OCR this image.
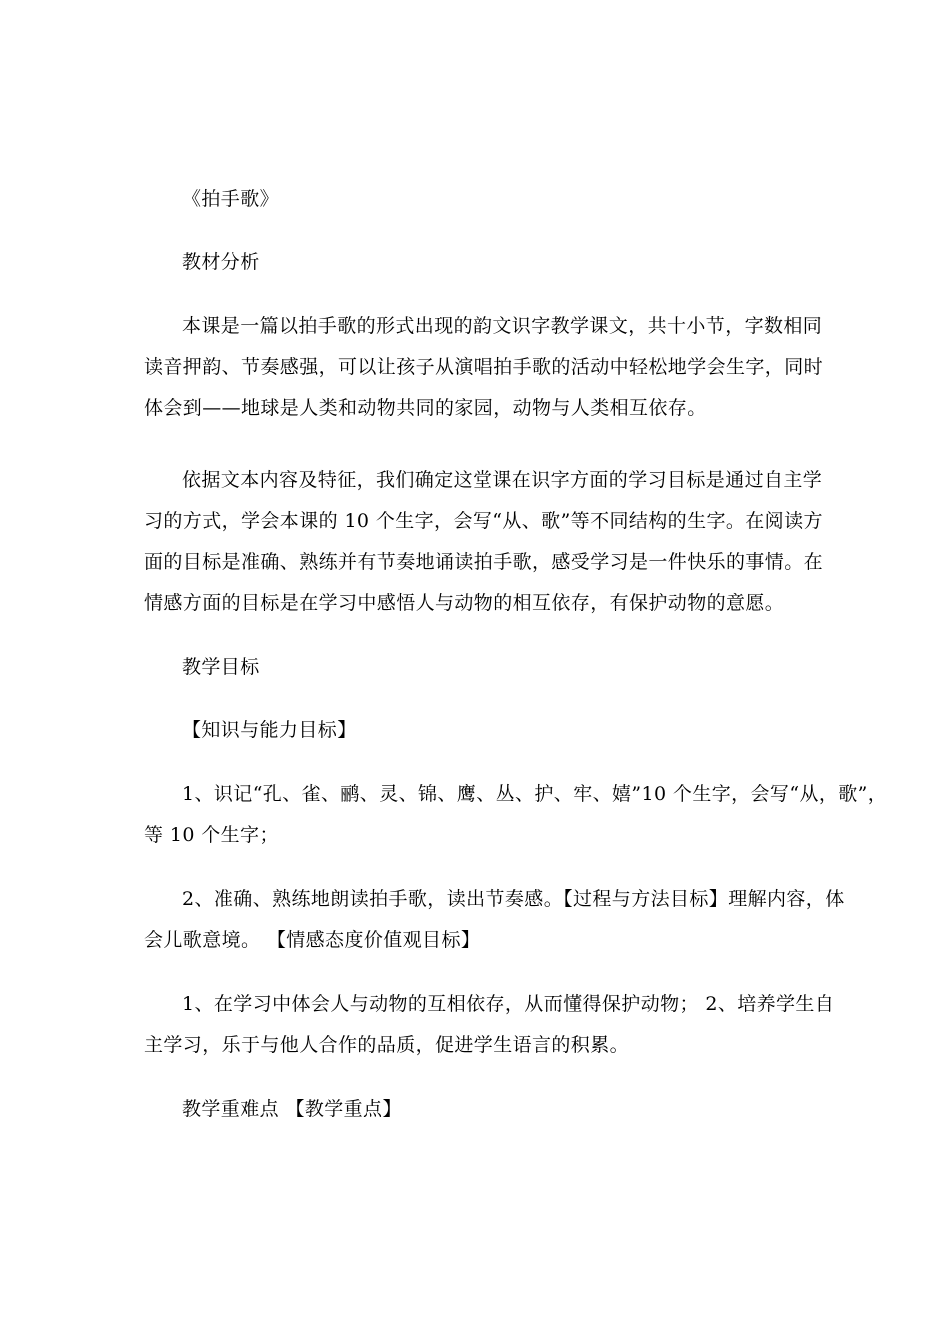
《拍手歌》
教材分析
本课是一篇以拍手歌的形式出现的韵文识字教学课文，共十小节，字数相同
读音押韵、节奏感强，可以让孩子从演唱拍手歌的活动中轻松地学会生字，同时
体会到——地球是人类和动物共同的家园，动物与人类相互依存。
依据文本内容及特征，我们确定这堂课在识字方面的学习目标是通过自主学
习的方式，学会本课的 10 个生字，会写“从、歌”等不同结构的生字。在阅读方
面的目标是准确、熟练并有节奏地诵读拍手歌，感受学习是一件快乐的事情。在
情感方面的目标是在学习中感悟人与动物的相互依存，有保护动物的意愿。
教学目标
【知识与能力目标】
1、识记“孔、雀、鹂、灵、锦、鹰、丛、护、牢、嬉”10 个生字，会写“从，歌”，
等 10 个生字；
2、准确、熟练地朗读拍手歌，读出节奏感。【过程与方法目标】理解内容，体
会儿歌意境。 【情感态度价值观目标】
1、在学习中体会人与动物的互相依存，从而懂得保护动物； 2、培养学生自
主学习，乐于与他人合作的品质，促进学生语言的积累。
教学重难点 【教学重点】
